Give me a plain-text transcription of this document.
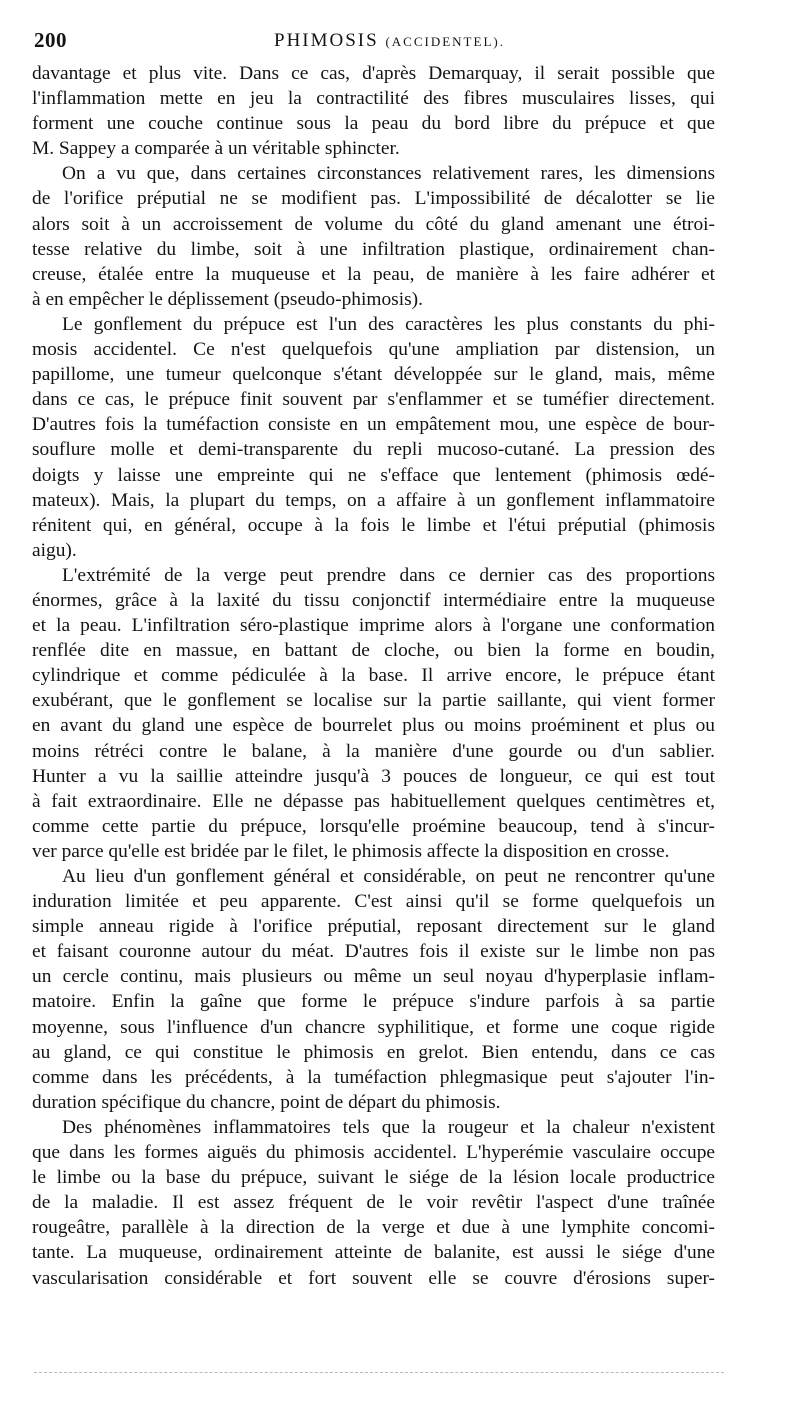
200	PHIMOSIS (ACCIDENTEL).
davantage et plus vite. Dans ce cas, d'après Demarquay, il serait possible que
l'inflammation mette en jeu la contractilité des fibres musculaires lisses, qui
forment une couche continue sous la peau du bord libre du prépuce et que
M. Sappey a comparée à un véritable sphincter.
On a vu que, dans certaines circonstances relativement rares, les dimensions
de l'orifice préputial ne se modifient pas. L'impossibilité de décalotter se lie
alors soit à un accroissement de volume du côté du gland amenant une étroi-
tesse relative du limbe, soit à une infiltration plastique, ordinairement chan-
creuse, étalée entre la muqueuse et la peau, de manière à les faire adhérer et
à en empêcher le déplissement (pseudo-phimosis).
Le gonflement du prépuce est l'un des caractères les plus constants du phi-
mosis accidentel. Ce n'est quelquefois qu'une ampliation par distension, un
papillome, une tumeur quelconque s'étant développée sur le gland, mais, même
dans ce cas, le prépuce finit souvent par s'enflammer et se tuméfier directement.
D'autres fois la tuméfaction consiste en un empâtement mou, une espèce de bour-
souflure molle et demi-transparente du repli mucoso-cutané. La pression des
doigts y laisse une empreinte qui ne s'efface que lentement (phimosis œdé-
mateux). Mais, la plupart du temps, on a affaire à un gonflement inflammatoire
rénitent qui, en général, occupe à la fois le limbe et l'étui préputial (phimosis
aigu).
L'extrémité de la verge peut prendre dans ce dernier cas des proportions
énormes, grâce à la laxité du tissu conjonctif intermédiaire entre la muqueuse
et la peau. L'infiltration séro-plastique imprime alors à l'organe une conformation
renflée dite en massue, en battant de cloche, ou bien la forme en boudin,
cylindrique et comme pédiculée à la base. Il arrive encore, le prépuce étant
exubérant, que le gonflement se localise sur la partie saillante, qui vient former
en avant du gland une espèce de bourrelet plus ou moins proéminent et plus ou
moins rétréci contre le balane, à la manière d'une gourde ou d'un sablier.
Hunter a vu la saillie atteindre jusqu'à 3 pouces de longueur, ce qui est tout
à fait extraordinaire. Elle ne dépasse pas habituellement quelques centimètres et,
comme cette partie du prépuce, lorsqu'elle proémine beaucoup, tend à s'incur-
ver parce qu'elle est bridée par le filet, le phimosis affecte la disposition en crosse.
Au lieu d'un gonflement général et considérable, on peut ne rencontrer qu'une
induration limitée et peu apparente. C'est ainsi qu'il se forme quelquefois un
simple anneau rigide à l'orifice préputial, reposant directement sur le gland
et faisant couronne autour du méat. D'autres fois il existe sur le limbe non pas
un cercle continu, mais plusieurs ou même un seul noyau d'hyperplasie inflam-
matoire. Enfin la gaîne que forme le prépuce s'indure parfois à sa partie
moyenne, sous l'influence d'un chancre syphilitique, et forme une coque rigide
au gland, ce qui constitue le phimosis en grelot. Bien entendu, dans ce cas
comme dans les précédents, à la tuméfaction phlegmasique peut s'ajouter l'in-
duration spécifique du chancre, point de départ du phimosis.
Des phénomènes inflammatoires tels que la rougeur et la chaleur n'existent
que dans les formes aiguës du phimosis accidentel. L'hyperémie vasculaire occupe
le limbe ou la base du prépuce, suivant le siége de la lésion locale productrice
de la maladie. Il est assez fréquent de le voir revêtir l'aspect d'une traînée
rougeâtre, parallèle à la direction de la verge et due à une lymphite concomi-
tante. La muqueuse, ordinairement atteinte de balanite, est aussi le siége d'une
vascularisation considérable et fort souvent elle se couvre d'érosions super-
